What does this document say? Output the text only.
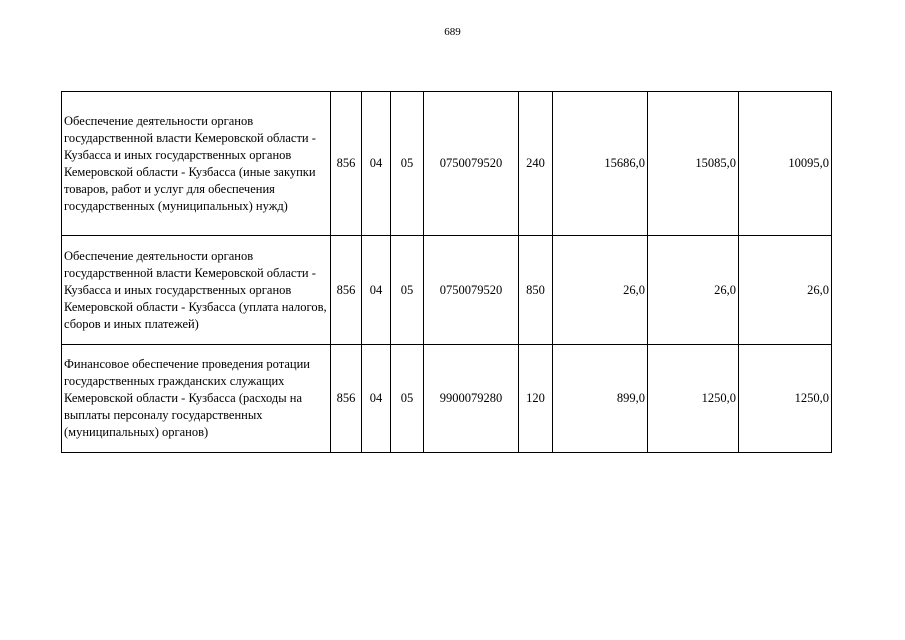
689
Обеспечение деятельности органов государственной власти Кемеровской области - Кузбасса и иных государственных органов Кемеровской области - Кузбасса (иные закупки товаров, работ и услуг для обеспечения государственных (муниципальных) нужд)	856	04	05	0750079520	240	15686,0	15085,0	10095,0
Обеспечение деятельности органов государственной власти Кемеровской области - Кузбасса и иных государственных органов Кемеровской области - Кузбасса (уплата налогов, сборов и иных платежей)	856	04	05	0750079520	850	26,0	26,0	26,0
Финансовое обеспечение проведения ротации государственных гражданских служащих Кемеровской области - Кузбасса (расходы на выплаты персоналу государственных (муниципальных) органов)	856	04	05	9900079280	120	899,0	1250,0	1250,0
